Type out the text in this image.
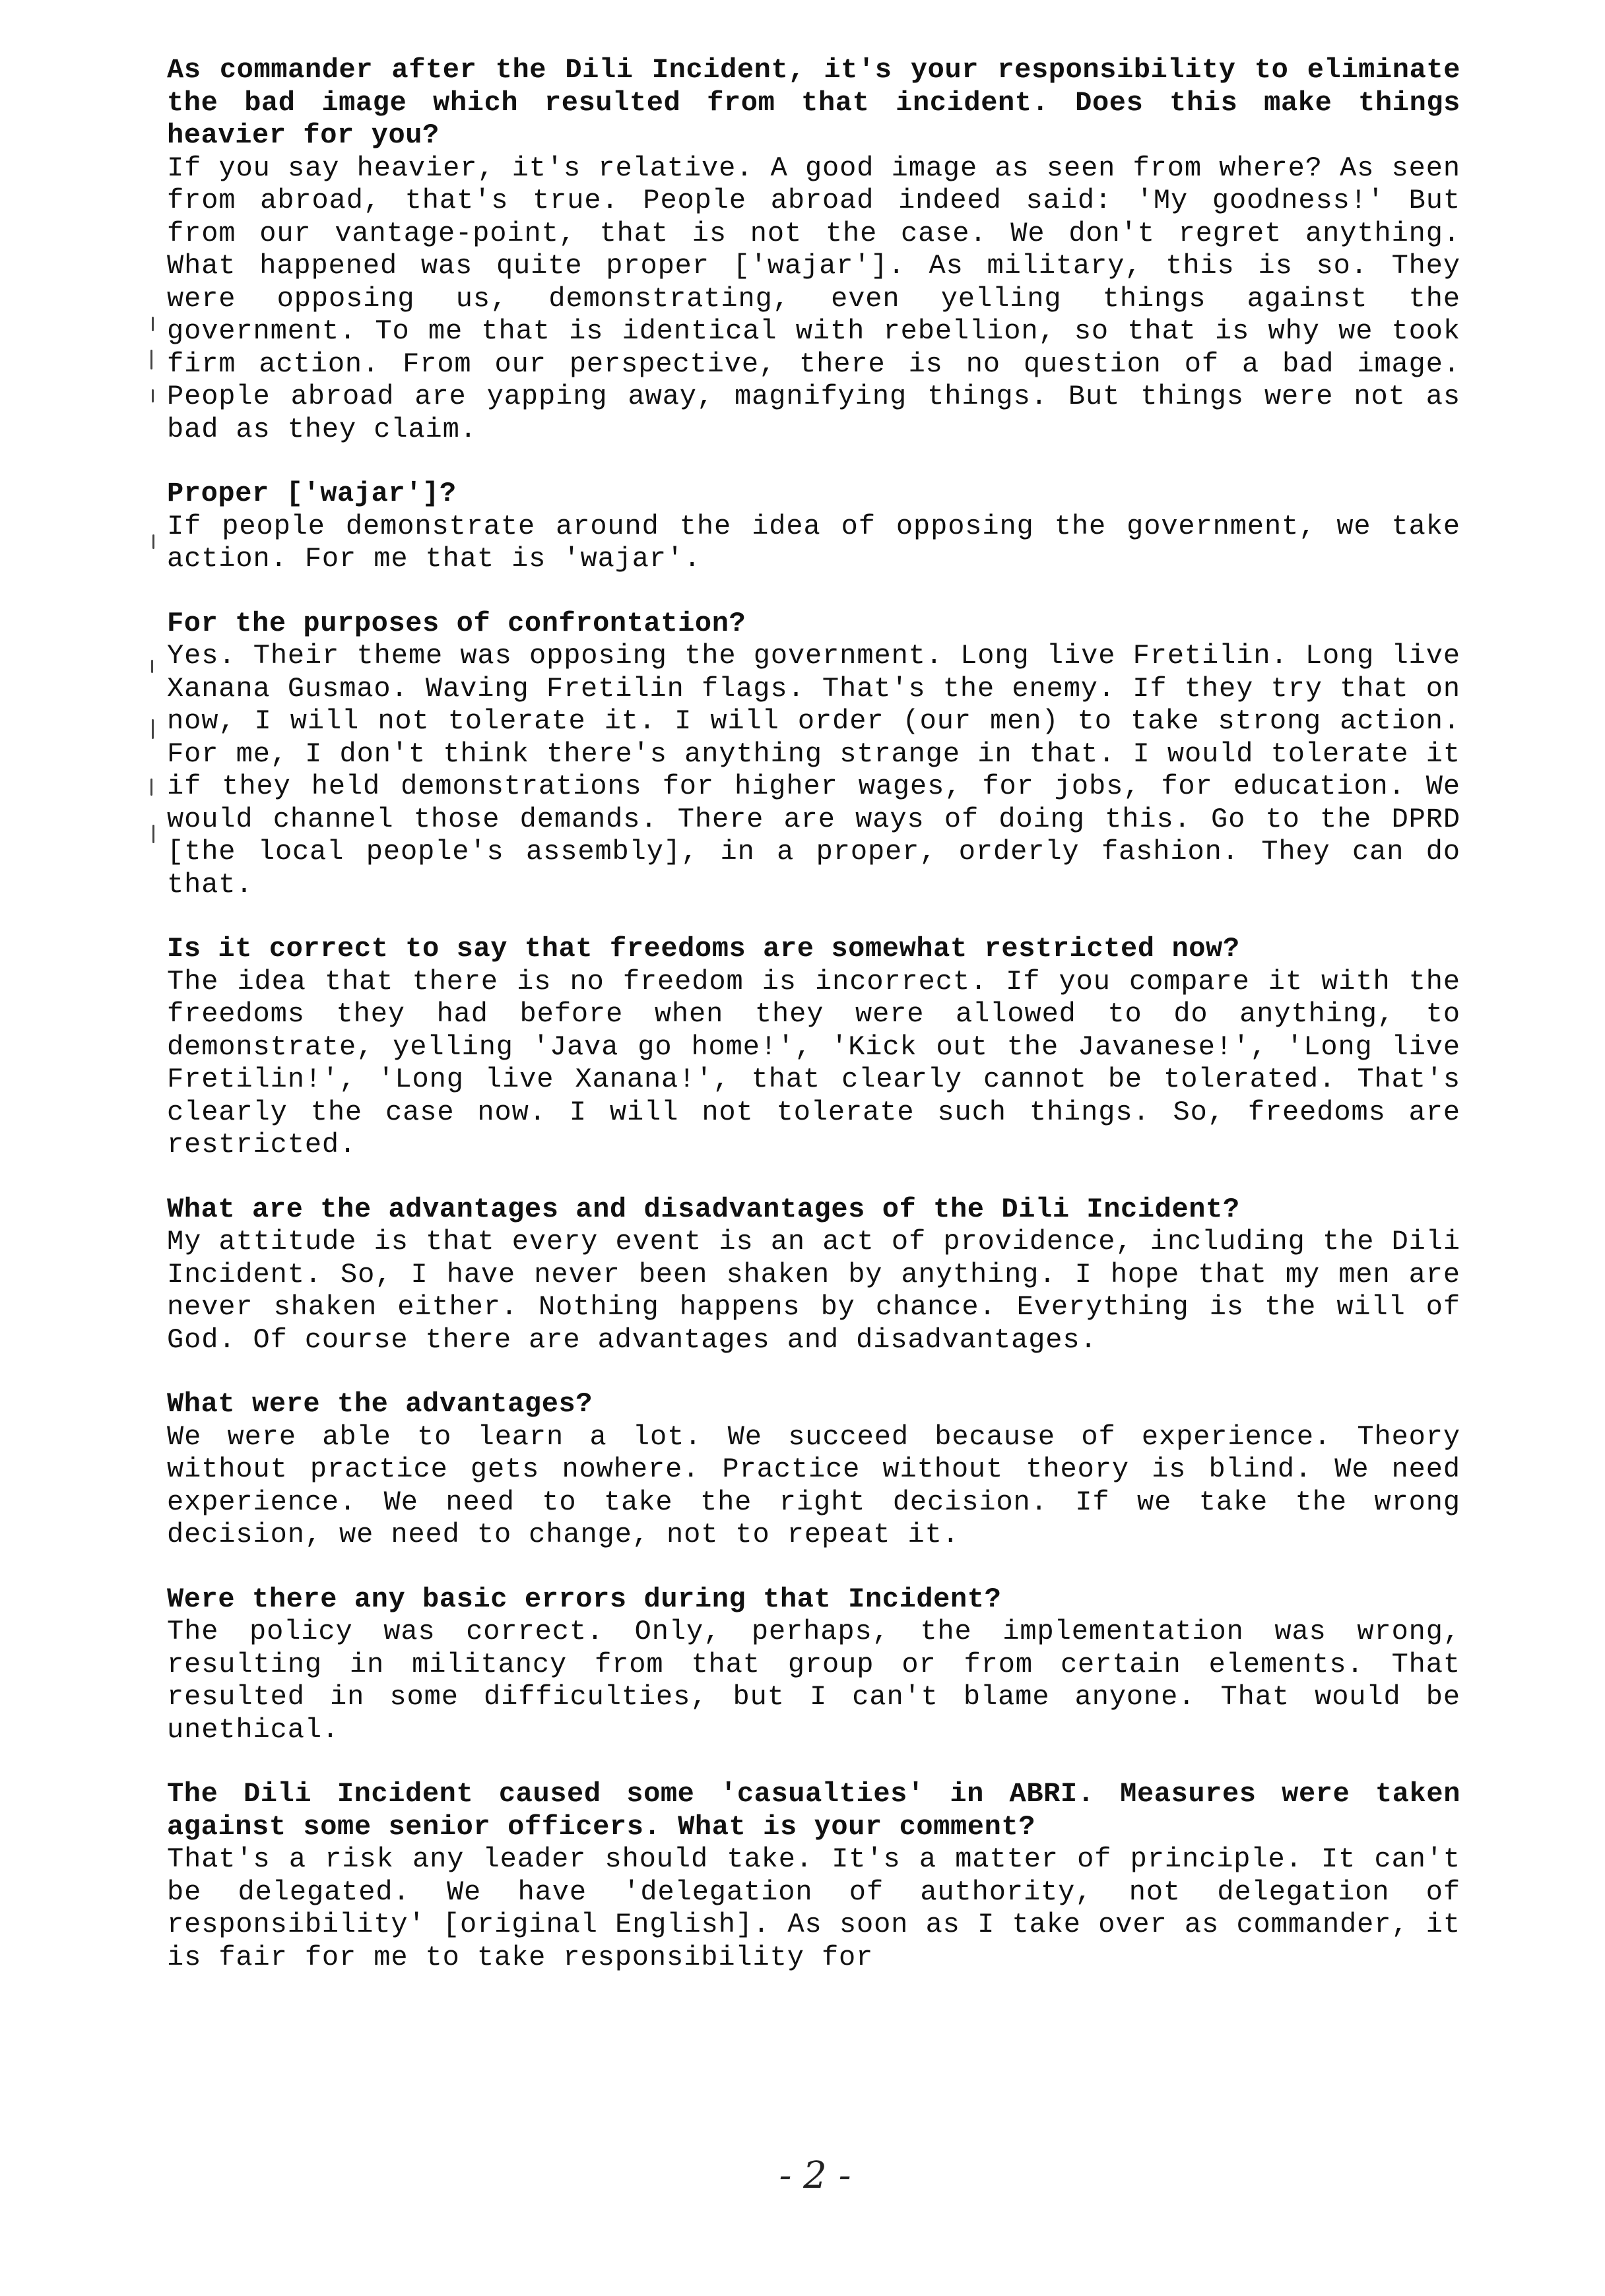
As commander after the Dili Incident, it's your responsibility to eliminate the bad image which resulted from that incident. Does this make things heavier for you?

If you say heavier, it's relative. A good image as seen from where? As seen from abroad, that's true. People abroad indeed said: 'My goodness!' But from our vantage-point, that is not the case. We don't regret anything. What happened was quite proper ['wajar']. As military, this is so. They were opposing us, demonstrating, even yelling things against the government. To me that is identical with rebellion, so that is why we took firm action. From our perspective, there is no question of a bad image. People abroad are yapping away, magnifying things. But things were not as bad as they claim.

Proper ['wajar']?

If people demonstrate around the idea of opposing the government, we take action. For me that is 'wajar'.

For the purposes of confrontation?

Yes. Their theme was opposing the government. Long live Fretilin. Long live Xanana Gusmao. Waving Fretilin flags. That's the enemy. If they try that on now, I will not tolerate it. I will order (our men) to take strong action. For me, I don't think there's anything strange in that. I would tolerate it if they held demonstrations for higher wages, for jobs, for education. We would channel those demands. There are ways of doing this. Go to the DPRD [the local people's assembly], in a proper, orderly fashion. They can do that.

Is it correct to say that freedoms are somewhat restricted now?

The idea that there is no freedom is incorrect. If you compare it with the freedoms they had before when they were allowed to do anything, to demonstrate, yelling 'Java go home!', 'Kick out the Javanese!', 'Long live Fretilin!', 'Long live Xanana!', that clearly cannot be tolerated. That's clearly the case now. I will not tolerate such things. So, freedoms are restricted.

What are the advantages and disadvantages of the Dili Incident?

My attitude is that every event is an act of providence, including the Dili Incident. So, I have never been shaken by anything. I hope that my men are never shaken either. Nothing happens by chance. Everything is the will of God. Of course there are advantages and disadvantages.

What were the advantages?

We were able to learn a lot. We succeed because of experience. Theory without practice gets nowhere. Practice without theory is blind. We need experience. We need to take the right decision. If we take the wrong decision, we need to change, not to repeat it.

Were there any basic errors during that Incident?

The policy was correct. Only, perhaps, the implementation was wrong, resulting in militancy from that group or from certain elements. That resulted in some difficulties, but I can't blame anyone. That would be unethical.

The Dili Incident caused some 'casualties' in ABRI. Measures were taken against some senior officers. What is your comment?

That's a risk any leader should take. It's a matter of principle. It can't be delegated. We have 'delegation of authority, not delegation of responsibility' [original English]. As soon as I take over as commander, it is fair for me to take responsibility for

- 2 -
